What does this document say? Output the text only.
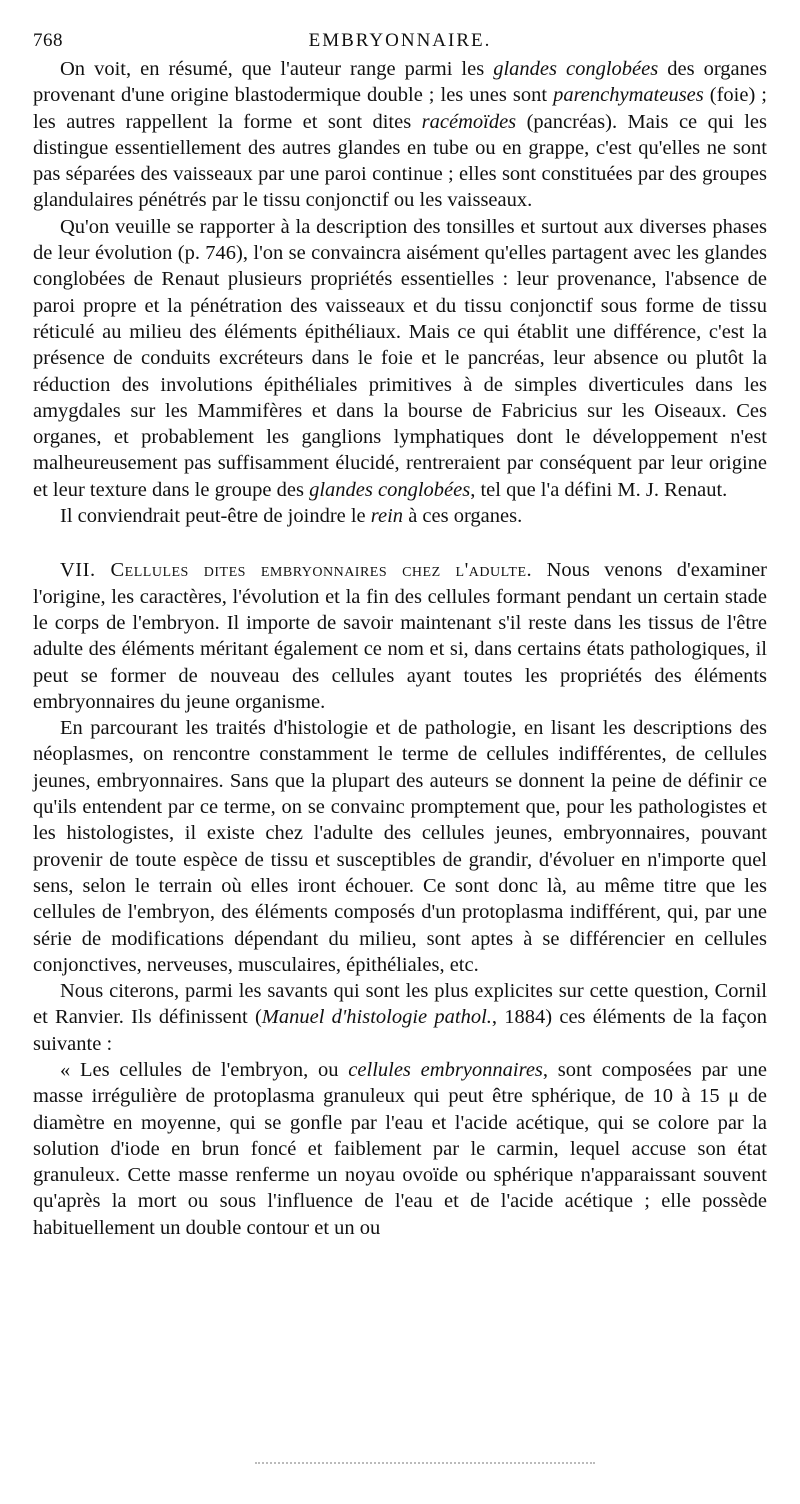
768	EMBRYONNAIRE.

On voit, en résumé, que l'auteur range parmi les glandes conglobées des organes provenant d'une origine blastodermique double ; les unes sont parenchymateuses (foie) ; les autres rappellent la forme et sont dites racémoïdes (pancréas). Mais ce qui les distingue essentiellement des autres glandes en tube ou en grappe, c'est qu'elles ne sont pas séparées des vaisseaux par une paroi continue ; elles sont constituées par des groupes glandulaires pénétrés par le tissu conjonctif ou les vaisseaux.

Qu'on veuille se rapporter à la description des tonsilles et surtout aux diverses phases de leur évolution (p. 746), l'on se convaincra aisément qu'elles partagent avec les glandes conglobées de Renaut plusieurs propriétés essentielles : leur provenance, l'absence de paroi propre et la pénétration des vaisseaux et du tissu conjonctif sous forme de tissu réticulé au milieu des éléments épithéliaux. Mais ce qui établit une différence, c'est la présence de conduits excréteurs dans le foie et le pancréas, leur absence ou plutôt la réduction des involutions épithéliales primitives à de simples diverticules dans les amygdales sur les Mammifères et dans la bourse de Fabricius sur les Oiseaux. Ces organes, et probablement les ganglions lymphatiques dont le développement n'est malheureusement pas suffisamment élucidé, rentreraient par conséquent par leur origine et leur texture dans le groupe des glandes conglobées, tel que l'a défini M. J. Renaut.

Il conviendrait peut-être de joindre le rein à ces organes.

VII. Cellules dites embryonnaires chez l'adulte. Nous venons d'examiner l'origine, les caractères, l'évolution et la fin des cellules formant pendant un certain stade le corps de l'embryon. Il importe de savoir maintenant s'il reste dans les tissus de l'être adulte des éléments méritant également ce nom et si, dans certains états pathologiques, il peut se former de nouveau des cellules ayant toutes les propriétés des éléments embryonnaires du jeune organisme.

En parcourant les traités d'histologie et de pathologie, en lisant les descriptions des néoplasmes, on rencontre constamment le terme de cellules indifférentes, de cellules jeunes, embryonnaires. Sans que la plupart des auteurs se donnent la peine de définir ce qu'ils entendent par ce terme, on se convainc promptement que, pour les pathologistes et les histologistes, il existe chez l'adulte des cellules jeunes, embryonnaires, pouvant provenir de toute espèce de tissu et susceptibles de grandir, d'évoluer en n'importe quel sens, selon le terrain où elles iront échouer. Ce sont donc là, au même titre que les cellules de l'embryon, des éléments composés d'un protoplasma indifférent, qui, par une série de modifications dépendant du milieu, sont aptes à se différencier en cellules conjonctives, nerveuses, musculaires, épithéliales, etc.

Nous citerons, parmi les savants qui sont les plus explicites sur cette question, Cornil et Ranvier. Ils définissent (Manuel d'histologie pathol., 1884) ces éléments de la façon suivante :

« Les cellules de l'embryon, ou cellules embryonnaires, sont composées par une masse irrégulière de protoplasma granuleux qui peut être sphérique, de 10 à 15 μ de diamètre en moyenne, qui se gonfle par l'eau et l'acide acétique, qui se colore par la solution d'iode en brun foncé et faiblement par le carmin, lequel accuse son état granuleux. Cette masse renferme un noyau ovoïde ou sphérique n'apparaissant souvent qu'après la mort ou sous l'influence de l'eau et de l'acide acétique ; elle possède habituellement un double contour et un ou
